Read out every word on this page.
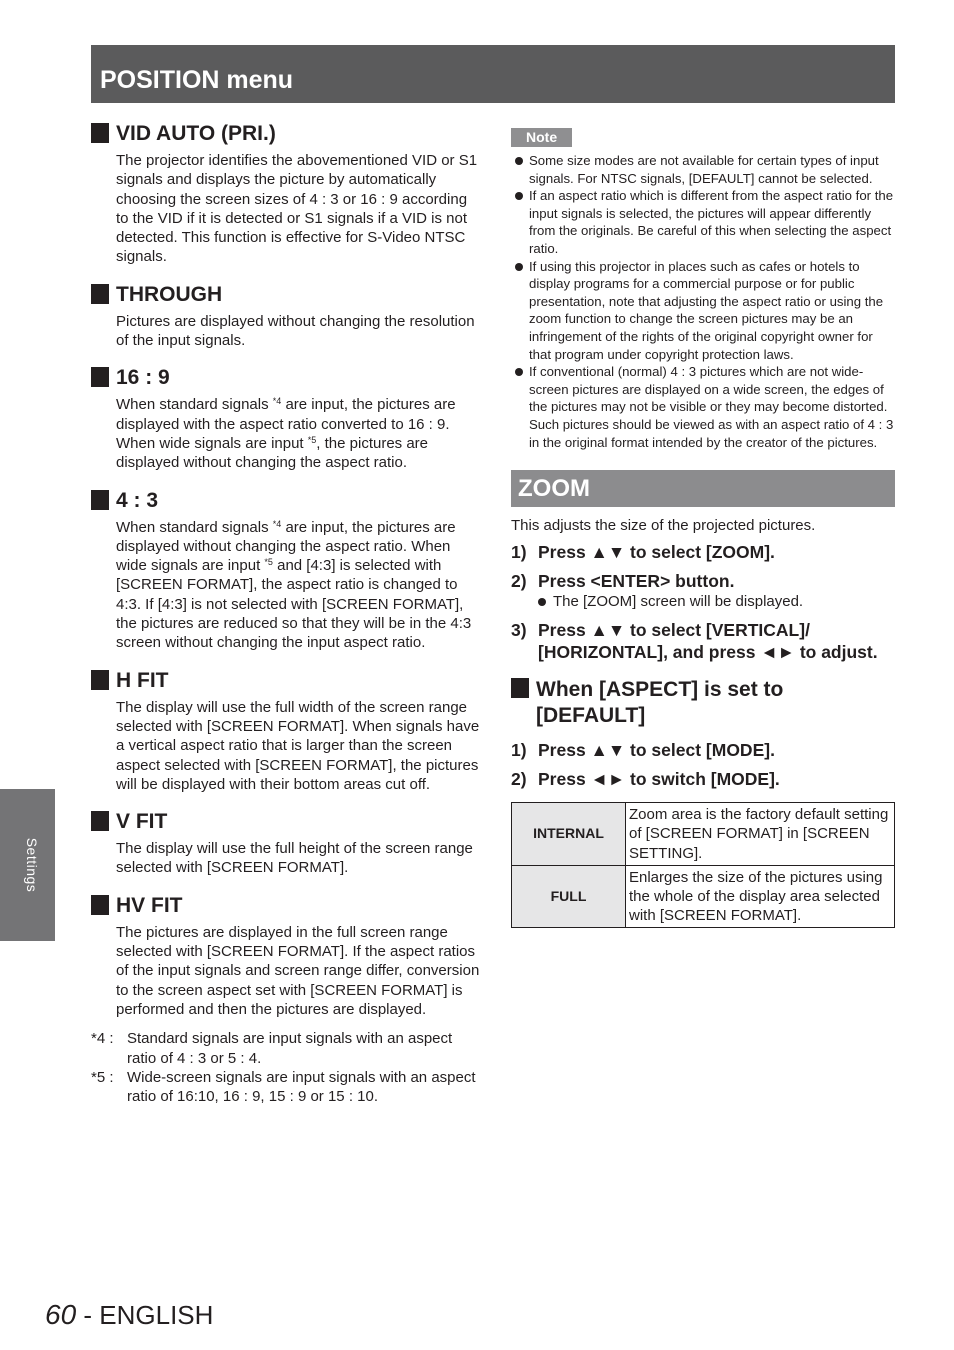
POSITION menu
Settings
VID AUTO (PRI.)
The projector identifies the abovementioned VID or S1 signals and displays the picture by automatically choosing the screen sizes of 4 : 3 or 16 : 9 according to the VID if it is detected or S1 signals if a VID is not detected. This function is effective for S-Video NTSC signals.
THROUGH
Pictures are displayed without changing the resolution of the input signals.
16 : 9
When standard signals $^{*4}$ are input, the pictures are displayed with the aspect ratio converted to 16 : 9. When wide signals are input $^{*5}$, the pictures are displayed without changing the aspect ratio.
4 : 3
When standard signals $^{*4}$ are input, the pictures are displayed without changing the aspect ratio. When wide signals are input $^{*5}$ and [4:3] is selected with [SCREEN FORMAT], the aspect ratio is changed to 4:3. If [4:3] is not selected with [SCREEN FORMAT], the pictures are reduced so that they will be in the 4:3 screen without changing the input aspect ratio.
H FIT
The display will use the full width of the screen range selected with [SCREEN FORMAT]. When signals have a vertical aspect ratio that is larger than the screen aspect selected with [SCREEN FORMAT], the pictures will be displayed with their bottom areas cut off.
V FIT
The display will use the full height of the screen range selected with [SCREEN FORMAT].
HV FIT
The pictures are displayed in the full screen range selected with [SCREEN FORMAT]. If the aspect ratios of the input signals and screen range differ, conversion to the screen aspect set with [SCREEN FORMAT] is performed and then the pictures are displayed.
*4 : Standard signals are input signals with an aspect ratio of 4 : 3 or 5 : 4.
*5 : Wide-screen signals are input signals with an aspect ratio of 16:10, 16 : 9, 15 : 9 or 15 : 10.
Note
Some size modes are not available for certain types of input signals. For NTSC signals, [DEFAULT] cannot be selected.
If an aspect ratio which is different from the aspect ratio for the input signals is selected, the pictures will appear differently from the originals. Be careful of this when selecting the aspect ratio.
If using this projector in places such as cafes or hotels to display programs for a commercial purpose or for public presentation, note that adjusting the aspect ratio or using the zoom function to change the screen pictures may be an infringement of the rights of the original copyright owner for that program under copyright protection laws.
If conventional (normal) 4 : 3 pictures which are not wide-screen pictures are displayed on a wide screen, the edges of the pictures may not be visible or they may become distorted. Such pictures should be viewed as with an aspect ratio of 4 : 3 in the original format intended by the creator of the pictures.
ZOOM
This adjusts the size of the projected pictures.
1) Press ▲▼ to select [ZOOM].
2) Press <ENTER> button.
The [ZOOM] screen will be displayed.
3) Press ▲▼ to select [VERTICAL]/ [HORIZONTAL], and press ◄► to adjust.
When [ASPECT] is set to [DEFAULT]
1) Press ▲▼ to select [MODE].
2) Press ◄► to switch [MODE].
INTERNAL	Zoom area is the factory default setting of [SCREEN FORMAT] in [SCREEN SETTING].
FULL	Enlarges the size of the pictures using the whole of the display area selected with [SCREEN FORMAT].
60 - ENGLISH
